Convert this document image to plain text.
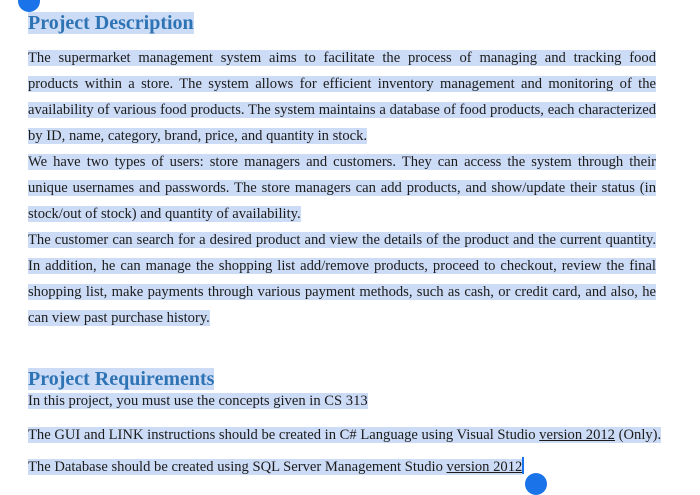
Project Description

The supermarket management system aims to facilitate the process of managing and tracking food products within a store. The system allows for efficient inventory management and monitoring of the availability of various food products. The system maintains a database of food products, each characterized by ID, name, category, brand, price, and quantity in stock.

We have two types of users: store managers and customers. They can access the system through their unique usernames and passwords. The store managers can add products, and show/update their status (in stock/out of stock) and quantity of availability.

The customer can search for a desired product and view the details of the product and the current quantity. In addition, he can manage the shopping list add/remove products, proceed to checkout, review the final shopping list, make payments through various payment methods, such as cash, or credit card, and also, he can view past purchase history.

Project Requirements

In this project, you must use the concepts given in CS 313

The GUI and LINK instructions should be created in C# Language using Visual Studio version 2012 (Only).

The Database should be created using SQL Server Management Studio version 2012
